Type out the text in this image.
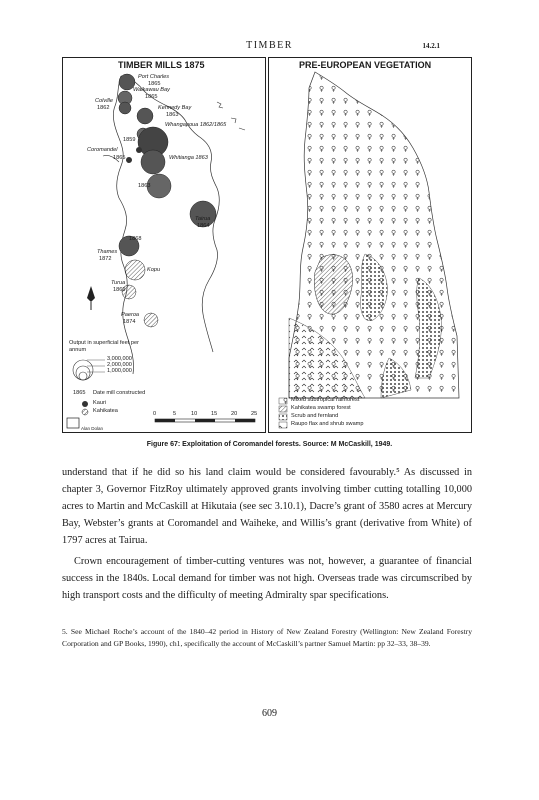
TIMBER	14.2.1
TIMBER MILLS 1875
Port Charles
1865
Waikawau Bay
1865
Colville
1862	Kennedy Bay
1863
Whangapoua 1862/1865
1859
Coromandel
1865	Whitianga 1863
1863
Tairua
1864
1868
Thames
1872
Kopu
Turua
1869
Paeroa
1874
Output in superficial feet per annum
3,000,000
2,000,000
1,000,000
1865 Date mill constructed
Kauri
Kahikatea	0	5	10 15 20 25
Alan Dolan
PRE-EUROPEAN VEGETATION
Mixed subtropical rainforest
Kahikatea swamp forest
Scrub and fernland
Raupo flax and shrub swamp
Figure 67: Exploitation of Coromandel forests. Source: M McCaskill, 1949.

understand that if he did so his land claim would be considered favourably.⁵ As discussed in chapter 3, Governor FitzRoy ultimately approved grants involving timber cutting totalling 10,000 acres to Martin and McCaskill at Hikutaia (see sec 3.10.1), Dacre’s grant of 3580 acres at Mercury Bay, Webster’s grants at Coromandel and Waiheke, and Willis’s grant (derivative from White) of 1797 acres at Tairua.

Crown encouragement of timber-cutting ventures was not, however, a guarantee of financial success in the 1840s. Local demand for timber was not high. Overseas trade was circumscribed by high transport costs and the difficulty of meeting Admiralty spar specifications.

5. See Michael Roche’s account of the 1840–42 period in History of New Zealand Forestry (Wellington: New Zealand Forestry Corporation and GP Books, 1990), ch1, specifically the account of McCaskill’s partner Samuel Martin: pp 32–33, 38–39.
609
